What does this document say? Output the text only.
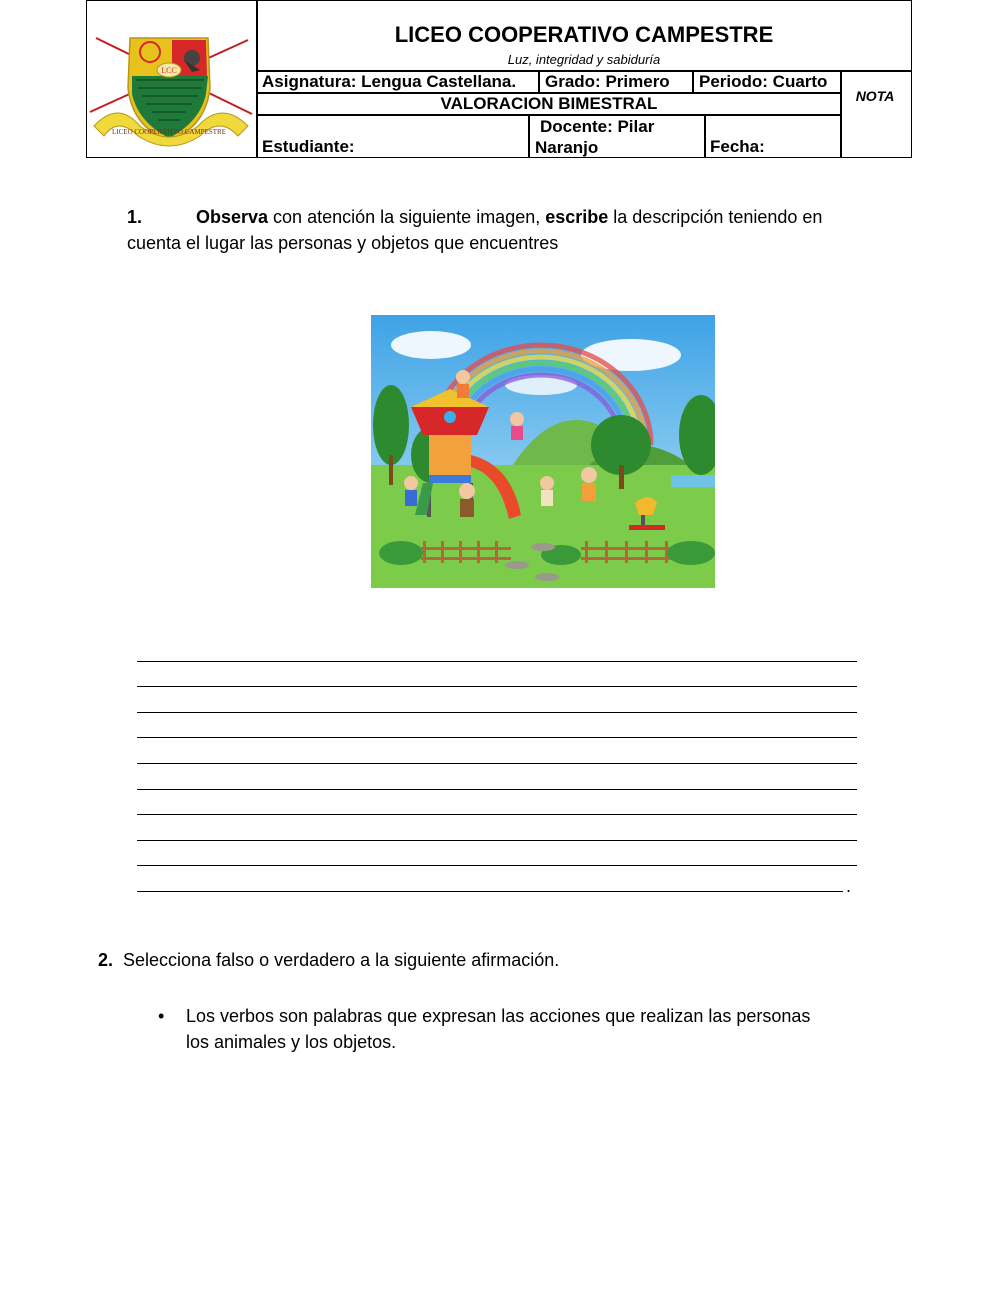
LCC
LICEO COOPERATIVO CAMPESTRE
LICEO COOPERATIVO CAMPESTRE
Luz, integridad y sabiduría
Asignatura: Lengua Castellana. Grado: Primero Periodo: Cuarto
NOTA
VALORACION BIMESTRAL
Estudiante:
Docente: Pilar Naranjo	Fecha:
1.	Observa con atención la siguiente imagen, escribe la descripción teniendo en cuenta el lugar las personas y objetos que encuentres
.
2. Selecciona falso o verdadero a la siguiente afirmación.
• Los verbos son palabras que expresan las acciones que realizan las personas los animales y los objetos.
